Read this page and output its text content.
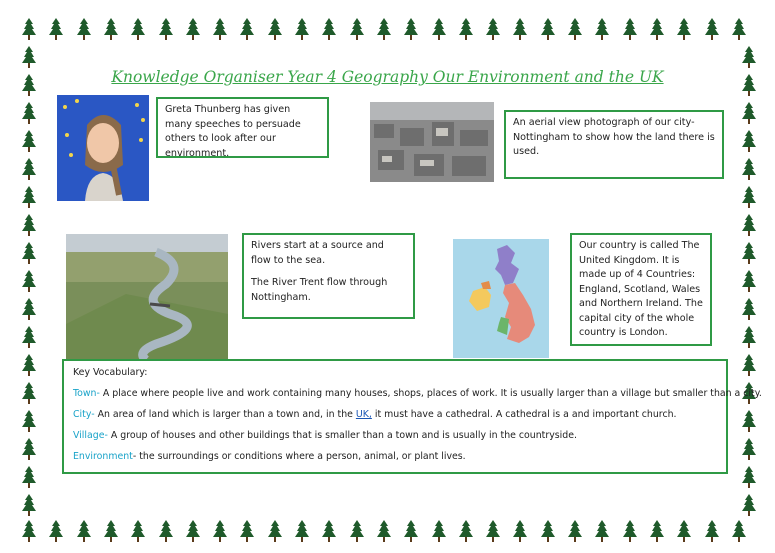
Knowledge Organiser Year 4 Geography Our Environment and the UK
Greta Thunberg has given many speeches to persuade others to look after our environment.
An aerial view photograph of our city- Nottingham to show how the land there is used.

Rivers start at a source and flow to the sea.

The River Trent flow through Nottingham.

Our country is called The United Kingdom. It is made up of 4 Countries: England, Scotland, Wales and Northern Ireland. The capital city of the whole country is London.

Key Vocabulary:

Town- A place where people live and work containing many houses, shops, places of work. It is usually larger than a village but smaller than a city.

City- An area of land which is larger than a town and, in the UK, it must have a cathedral. A cathedral is a and important church.

Village- A group of houses and other buildings that is smaller than a town and is usually in the countryside.

Environment- the surroundings or conditions where a person, animal, or plant lives.
